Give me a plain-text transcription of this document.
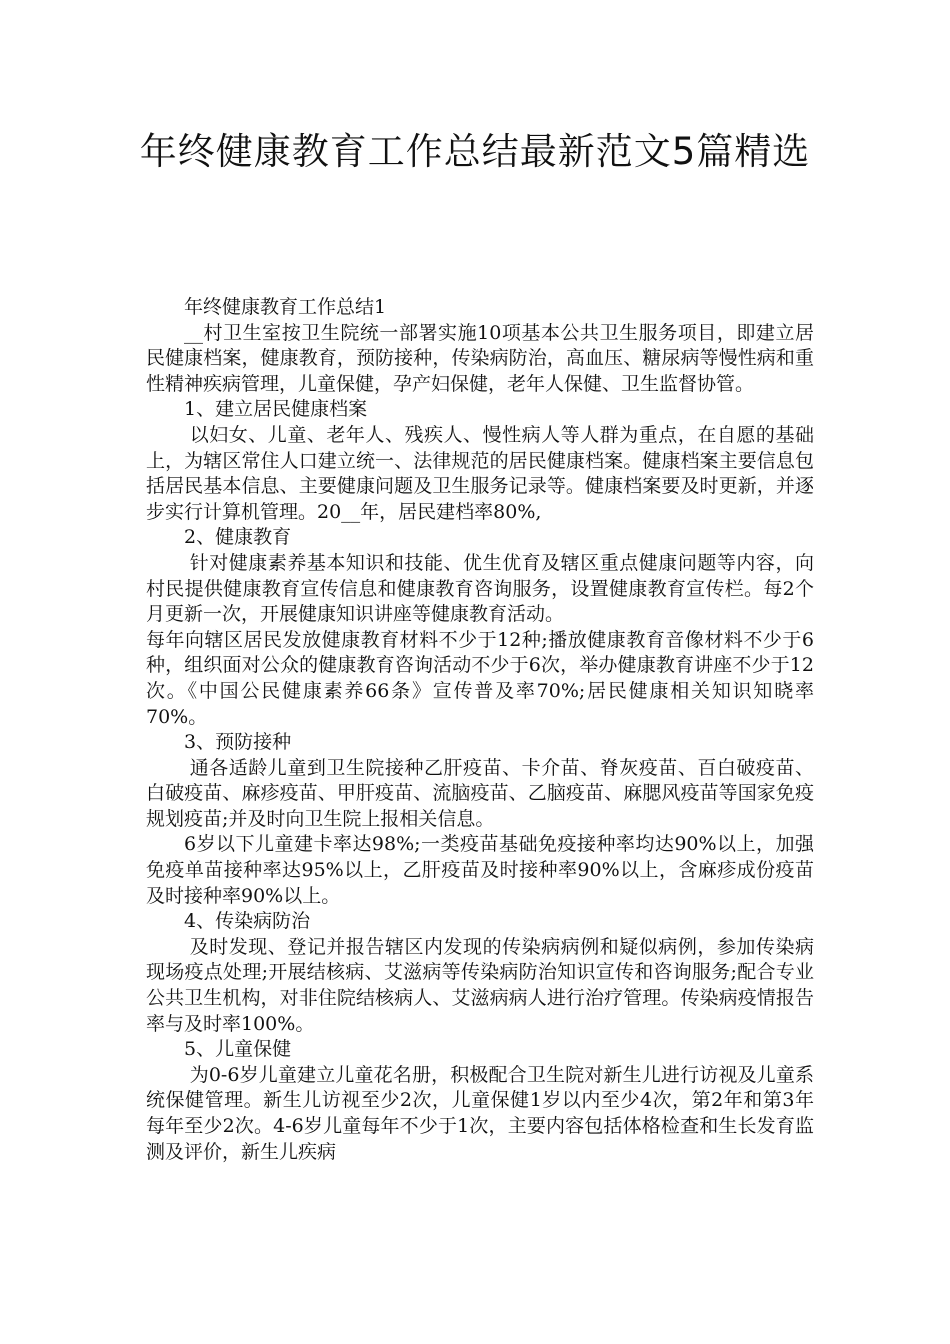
年终健康教育工作总结最新范文5篇精选

年终健康教育工作总结1

__村卫生室按卫生院统一部署实施10项基本公共卫生服务项目，即建立居民健康档案，健康教育，预防接种，传染病防治，高血压、糖尿病等慢性病和重性精神疾病管理，儿童保健，孕产妇保健，老年人保健、卫生监督协管。

1、建立居民健康档案

以妇女、儿童、老年人、残疾人、慢性病人等人群为重点，在自愿的基础上，为辖区常住人口建立统一、法律规范的居民健康档案。健康档案主要信息包括居民基本信息、主要健康问题及卫生服务记录等。健康档案要及时更新，并逐步实行计算机管理。20__年，居民建档率80%,

2、健康教育

针对健康素养基本知识和技能、优生优育及辖区重点健康问题等内容，向村民提供健康教育宣传信息和健康教育咨询服务，设置健康教育宣传栏。每2个月更新一次，开展健康知识讲座等健康教育活动。

每年向辖区居民发放健康教育材料不少于12种;播放健康教育音像材料不少于6种，组织面对公众的健康教育咨询活动不少于6次，举办健康教育讲座不少于12次。《中国公民健康素养66条》宣传普及率70%;居民健康相关知识知晓率70%。

3、预防接种

通各适龄儿童到卫生院接种乙肝疫苗、卡介苗、脊灰疫苗、百白破疫苗、白破疫苗、麻疹疫苗、甲肝疫苗、流脑疫苗、乙脑疫苗、麻腮风疫苗等国家免疫规划疫苗;并及时向卫生院上报相关信息。

6岁以下儿童建卡率达98%;一类疫苗基础免疫接种率均达90%以上，加强免疫单苗接种率达95%以上，乙肝疫苗及时接种率90%以上，含麻疹成份疫苗及时接种率90%以上。

4、传染病防治

及时发现、登记并报告辖区内发现的传染病病例和疑似病例，参加传染病现场疫点处理;开展结核病、艾滋病等传染病防治知识宣传和咨询服务;配合专业公共卫生机构，对非住院结核病人、艾滋病病人进行治疗管理。传染病疫情报告率与及时率100%。

5、儿童保健

为0-6岁儿童建立儿童花名册，积极配合卫生院对新生儿进行访视及儿童系统保健管理。新生儿访视至少2次，儿童保健1岁以内至少4次，第2年和第3年每年至少2次。4-6岁儿童每年不少于1次，主要内容包括体格检查和生长发育监测及评价，新生儿疾病
